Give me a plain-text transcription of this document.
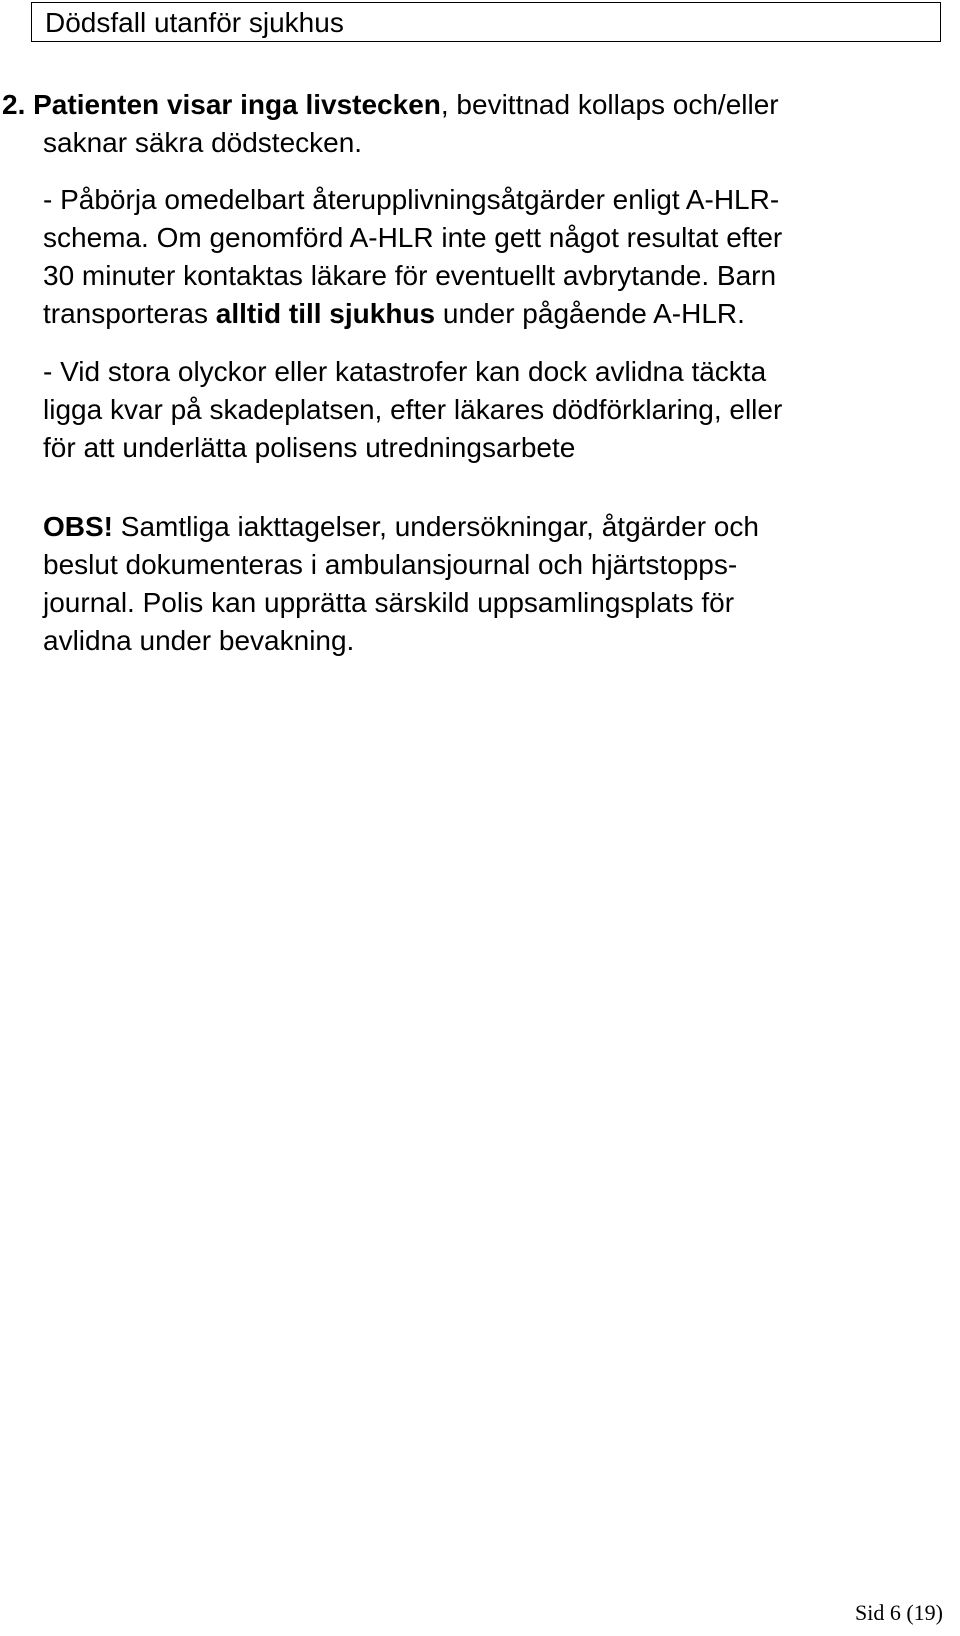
Dödsfall utanför sjukhus

2. Patienten visar inga livstecken, bevittnad kollaps och/eller
saknar säkra dödstecken.

- Påbörja omedelbart återupplivningsåtgärder enligt A-HLR-
schema. Om genomförd A-HLR inte gett något resultat efter
30 minuter kontaktas läkare för eventuellt avbrytande. Barn
transporteras alltid till sjukhus under pågående A-HLR.

- Vid stora olyckor eller katastrofer kan dock avlidna täckta
ligga kvar på skadeplatsen, efter läkares dödförklaring, eller
för att underlätta polisens utredningsarbete

OBS! Samtliga iakttagelser, undersökningar, åtgärder och
beslut dokumenteras i ambulansjournal och hjärtstopps-
journal. Polis kan upprätta särskild uppsamlingsplats för
avlidna under bevakning.

Sid 6 (19)
